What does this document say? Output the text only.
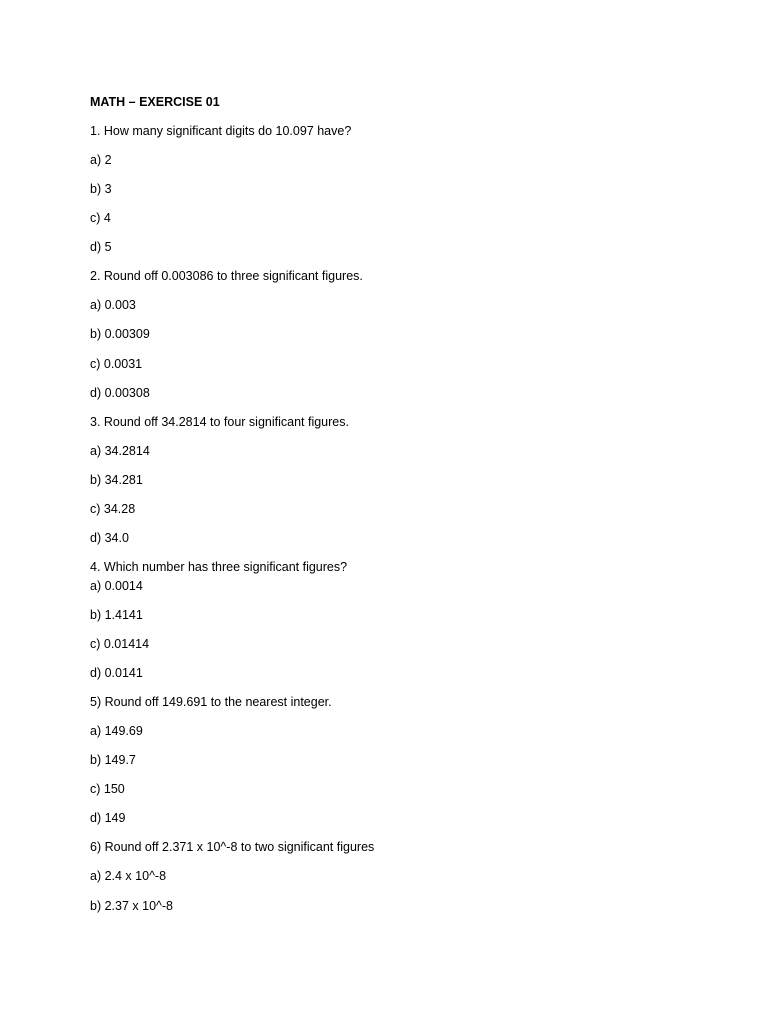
MATH – EXERCISE 01
1. How many significant digits do 10.097 have?
a) 2
b) 3
c) 4
d) 5
2. Round off 0.003086 to three significant figures.
a) 0.003
b) 0.00309
c) 0.0031
d) 0.00308
3. Round off 34.2814 to four significant figures.
a) 34.2814
b) 34.281
c) 34.28
d) 34.0
4. Which number has three significant figures?
a) 0.0014
b) 1.4141
c) 0.01414
d) 0.0141
5) Round off 149.691 to the nearest integer.
a) 149.69
b) 149.7
c) 150
d) 149
6) Round off 2.371 x 10^-8 to two significant figures
a) 2.4 x 10^-8
b) 2.37 x 10^-8
